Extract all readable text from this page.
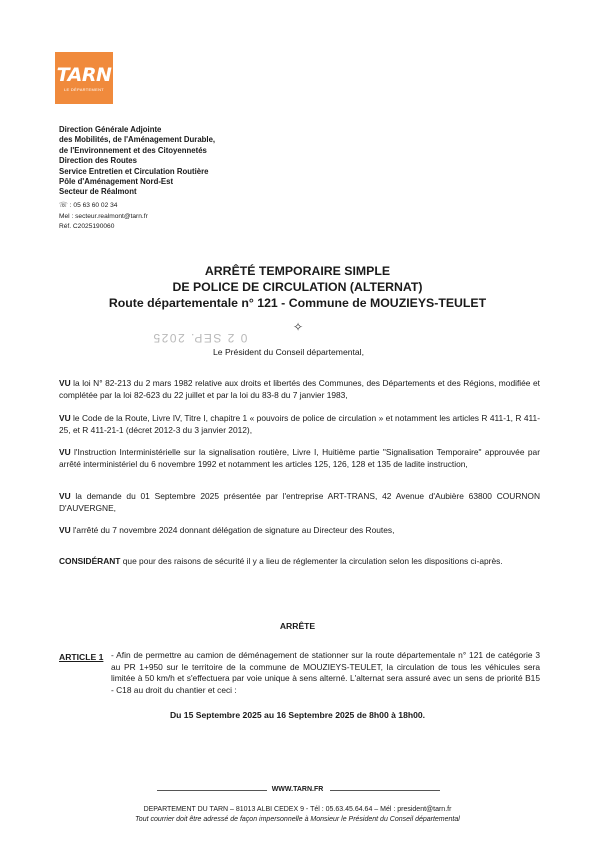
TARN
LE DÉPARTEMENT
Direction Générale Adjointe
des Mobilités, de l'Aménagement Durable,
de l'Environnement et des Citoyennetés
Direction des Routes
Service Entretien et Circulation Routière
Pôle d'Aménagement Nord-Est
Secteur de Réalmont
☏ : 05 63 60 02 34
Mel : secteur.realmont@tarn.fr
Réf. C2025190060
ARRÊTÉ TEMPORAIRE SIMPLE
DE POLICE DE CIRCULATION (ALTERNAT)
Route départementale n° 121 - Commune de MOUZIEYS-TEULET
✧
0 2 SEP. 2025
Le Président du Conseil départemental,
VU la loi N° 82-213 du 2 mars 1982 relative aux droits et libertés des Communes, des Départements et des Régions, modifiée et complétée par la loi 82-623 du 22 juillet et par la loi du 83-8 du 7 janvier 1983,
VU le Code de la Route, Livre IV, Titre I, chapitre 1 « pouvoirs de police de circulation » et notamment les articles R 411-1, R 411-25, et R 411-21-1 (décret 2012-3 du 3 janvier 2012),
VU l'Instruction Interministérielle sur la signalisation routière, Livre I, Huitième partie "Signalisation Temporaire" approuvée par arrêté interministériel du 6 novembre 1992 et notamment les articles 125, 126, 128 et 135 de ladite instruction,
VU la demande du 01 Septembre 2025 présentée par l'entreprise ART-TRANS, 42 Avenue d'Aubière 63800 COURNON D'AUVERGNE,
VU l'arrêté du 7 novembre 2024 donnant délégation de signature au Directeur des Routes,
CONSIDÉRANT que pour des raisons de sécurité il y a lieu de réglementer la circulation selon les dispositions ci-après.
ARRÊTE
ARTICLE 1 - Afin de permettre au camion de déménagement de stationner sur la route départementale n° 121 de catégorie 3 au PR 1+950 sur le territoire de la commune de MOUZIEYS-TEULET, la circulation de tous les véhicules sera limitée à 50 km/h et s'effectuera par voie unique à sens alterné. L'alternat sera assuré avec un sens de priorité B15 - C18 au droit du chantier et ceci :
Du 15 Septembre 2025 au 16 Septembre 2025 de 8h00 à 18h00.
WWW.TARN.FR
DEPARTEMENT DU TARN – 81013 ALBI CEDEX 9 - Tél : 05.63.45.64.64 – Mél : president@tarn.fr
Tout courrier doit être adressé de façon impersonnelle à Monsieur le Président du Conseil départemental
